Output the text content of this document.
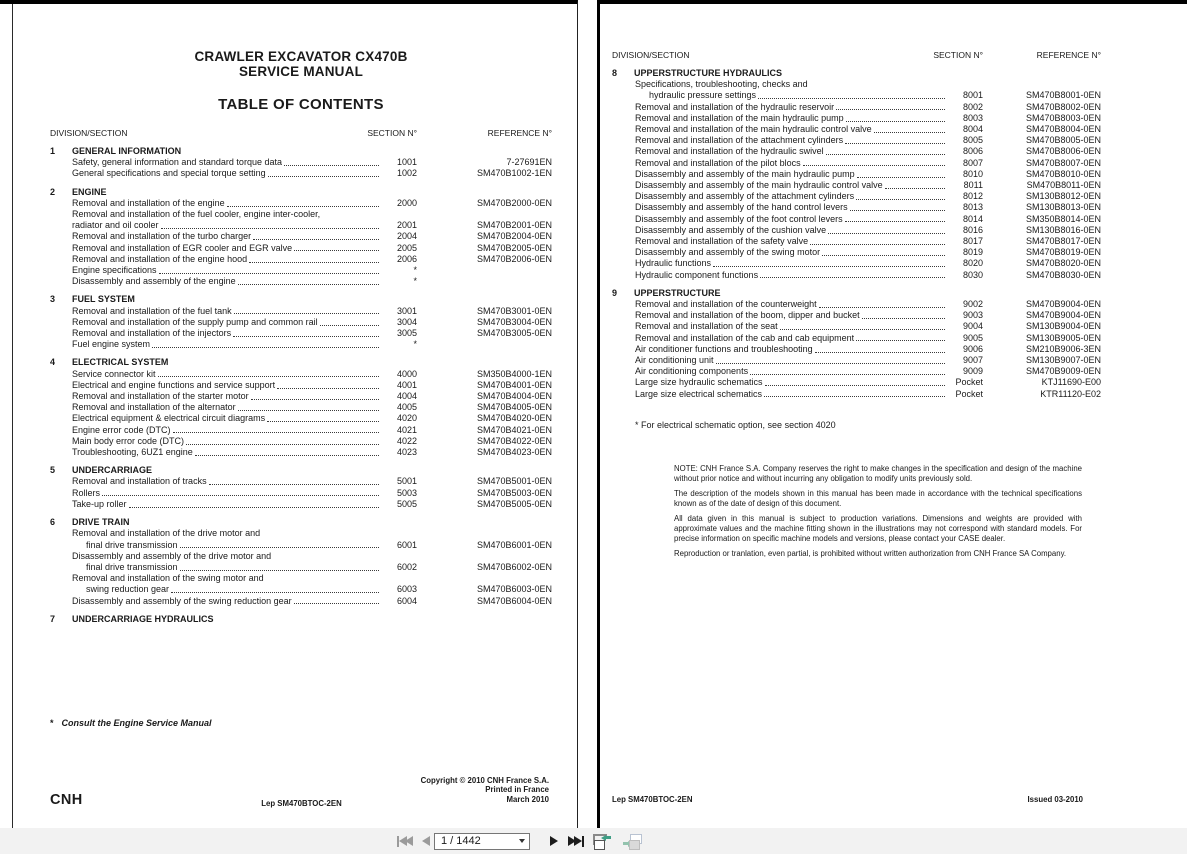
CRAWLER EXCAVATOR CX470B
SERVICE MANUAL
TABLE OF CONTENTS
DIVISION/SECTION	SECTION N°	REFERENCE N°
1	GENERAL INFORMATION
Safety, general information and standard torque data	1001	7-27691EN
General specifications and special torque setting	1002	SM470B1002-1EN
2	ENGINE
Removal and installation of the engine	2000	SM470B2000-0EN
Removal and installation of the fuel cooler, engine inter-cooler,
radiator and oil cooler	2001	SM470B2001-0EN
Removal and installation of the turbo charger	2004	SM470B2004-0EN
Removal and installation of EGR cooler and EGR valve	2005	SM470B2005-0EN
Removal and installation of the engine hood	2006	SM470B2006-0EN
Engine specifications	*
Disassembly and assembly of the engine	*
3	FUEL SYSTEM
Removal and installation of the fuel tank	3001	SM470B3001-0EN
Removal and installation of the supply pump and common rail	3004	SM470B3004-0EN
Removal and installation of the injectors	3005	SM470B3005-0EN
Fuel engine system	*
4	ELECTRICAL SYSTEM
Service connector kit	4000	SM350B4000-1EN
Electrical and engine functions and service support	4001	SM470B4001-0EN
Removal and installation of the starter motor	4004	SM470B4004-0EN
Removal and installation of the alternator	4005	SM470B4005-0EN
Electrical equipment & electrical circuit diagrams	4020	SM470B4020-0EN
Engine error code (DTC)	4021	SM470B4021-0EN
Main body error code (DTC)	4022	SM470B4022-0EN
Troubleshooting, 6UZ1 engine	4023	SM470B4023-0EN
5	UNDERCARRIAGE
Removal and installation of tracks	5001	SM470B5001-0EN
Rollers	5003	SM470B5003-0EN
Take-up roller	5005	SM470B5005-0EN
6	DRIVE TRAIN
Removal and installation of the drive motor and
final drive transmission	6001	SM470B6001-0EN
Disassembly and assembly of the drive motor and
final drive transmission	6002	SM470B6002-0EN
Removal and installation of the swing motor and
swing reduction gear	6003	SM470B6003-0EN
Disassembly and assembly of the swing reduction gear	6004	SM470B6004-0EN
7	UNDERCARRIAGE HYDRAULICS
* Consult the Engine Service Manual
CNH	Lep SM470BTOC-2EN
Copyright © 2010 CNH France S.A.
Printed in France
March 2010
DIVISION/SECTION	SECTION N°	REFERENCE N°
8	UPPERSTRUCTURE HYDRAULICS
Specifications, troubleshooting, checks and
hydraulic pressure settings	8001	SM470B8001-0EN
Removal and installation of the hydraulic reservoir	8002	SM470B8002-0EN
Removal and installation of the main hydraulic pump	8003	SM470B8003-0EN
Removal and installation of the main hydraulic control valve	8004	SM470B8004-0EN
Removal and installation of the attachment cylinders	8005	SM470B8005-0EN
Removal and installation of the hydraulic swivel	8006	SM470B8006-0EN
Removal and installation of the pilot blocs	8007	SM470B8007-0EN
Disassembly and assembly of the main hydraulic pump	8010	SM470B8010-0EN
Disassembly and assembly of the main hydraulic control valve	8011	SM470B8011-0EN
Disassembly and assembly of the attachment cylinders	8012	SM130B8012-0EN
Disassembly and assembly of the hand control levers	8013	SM130B8013-0EN
Disassembly and assembly of the foot control levers	8014	SM350B8014-0EN
Disassembly and assembly of the cushion valve	8016	SM130B8016-0EN
Removal and installation of the safety valve	8017	SM470B8017-0EN
Disassembly and assembly of the swing motor	8019	SM470B8019-0EN
Hydraulic functions	8020	SM470B8020-0EN
Hydraulic component functions	8030	SM470B8030-0EN
9	UPPERSTRUCTURE
Removal and installation of the counterweight	9002	SM470B9004-0EN
Removal and installation of the boom, dipper and bucket	9003	SM470B9004-0EN
Removal and installation of the seat	9004	SM130B9004-0EN
Removal and installation of the cab and cab equipment	9005	SM130B9005-0EN
Air conditioner functions and troubleshooting	9006	SM210B9006-3EN
Air conditioning unit	9007	SM130B9007-0EN
Air conditioning components	9009	SM470B9009-0EN
Large size hydraulic schematics	Pocket	KTJ11690-E00
Large size electrical schematics	Pocket	KTR11120-E02
* For electrical schematic option, see section 4020

NOTE: CNH France S.A. Company reserves the right to make changes in the specification and design of the machine without prior notice and without incurring any obligation to modify units previously sold.

The description of the models shown in this manual has been made in accordance with the technical specifications known as of the date of design of this document.

All data given in this manual is subject to production variations. Dimensions and weights are provided with approximate values and the machine fitting shown in the illustrations may not correspond with standard models. For precise information on specific machine models and versions, please contact your CASE dealer.

Reproduction or tranlation, even partial, is prohibited without written authorization from CNH France SA Company.

Lep SM470BTOC-2EN	Issued 03-2010
1 / 1442
